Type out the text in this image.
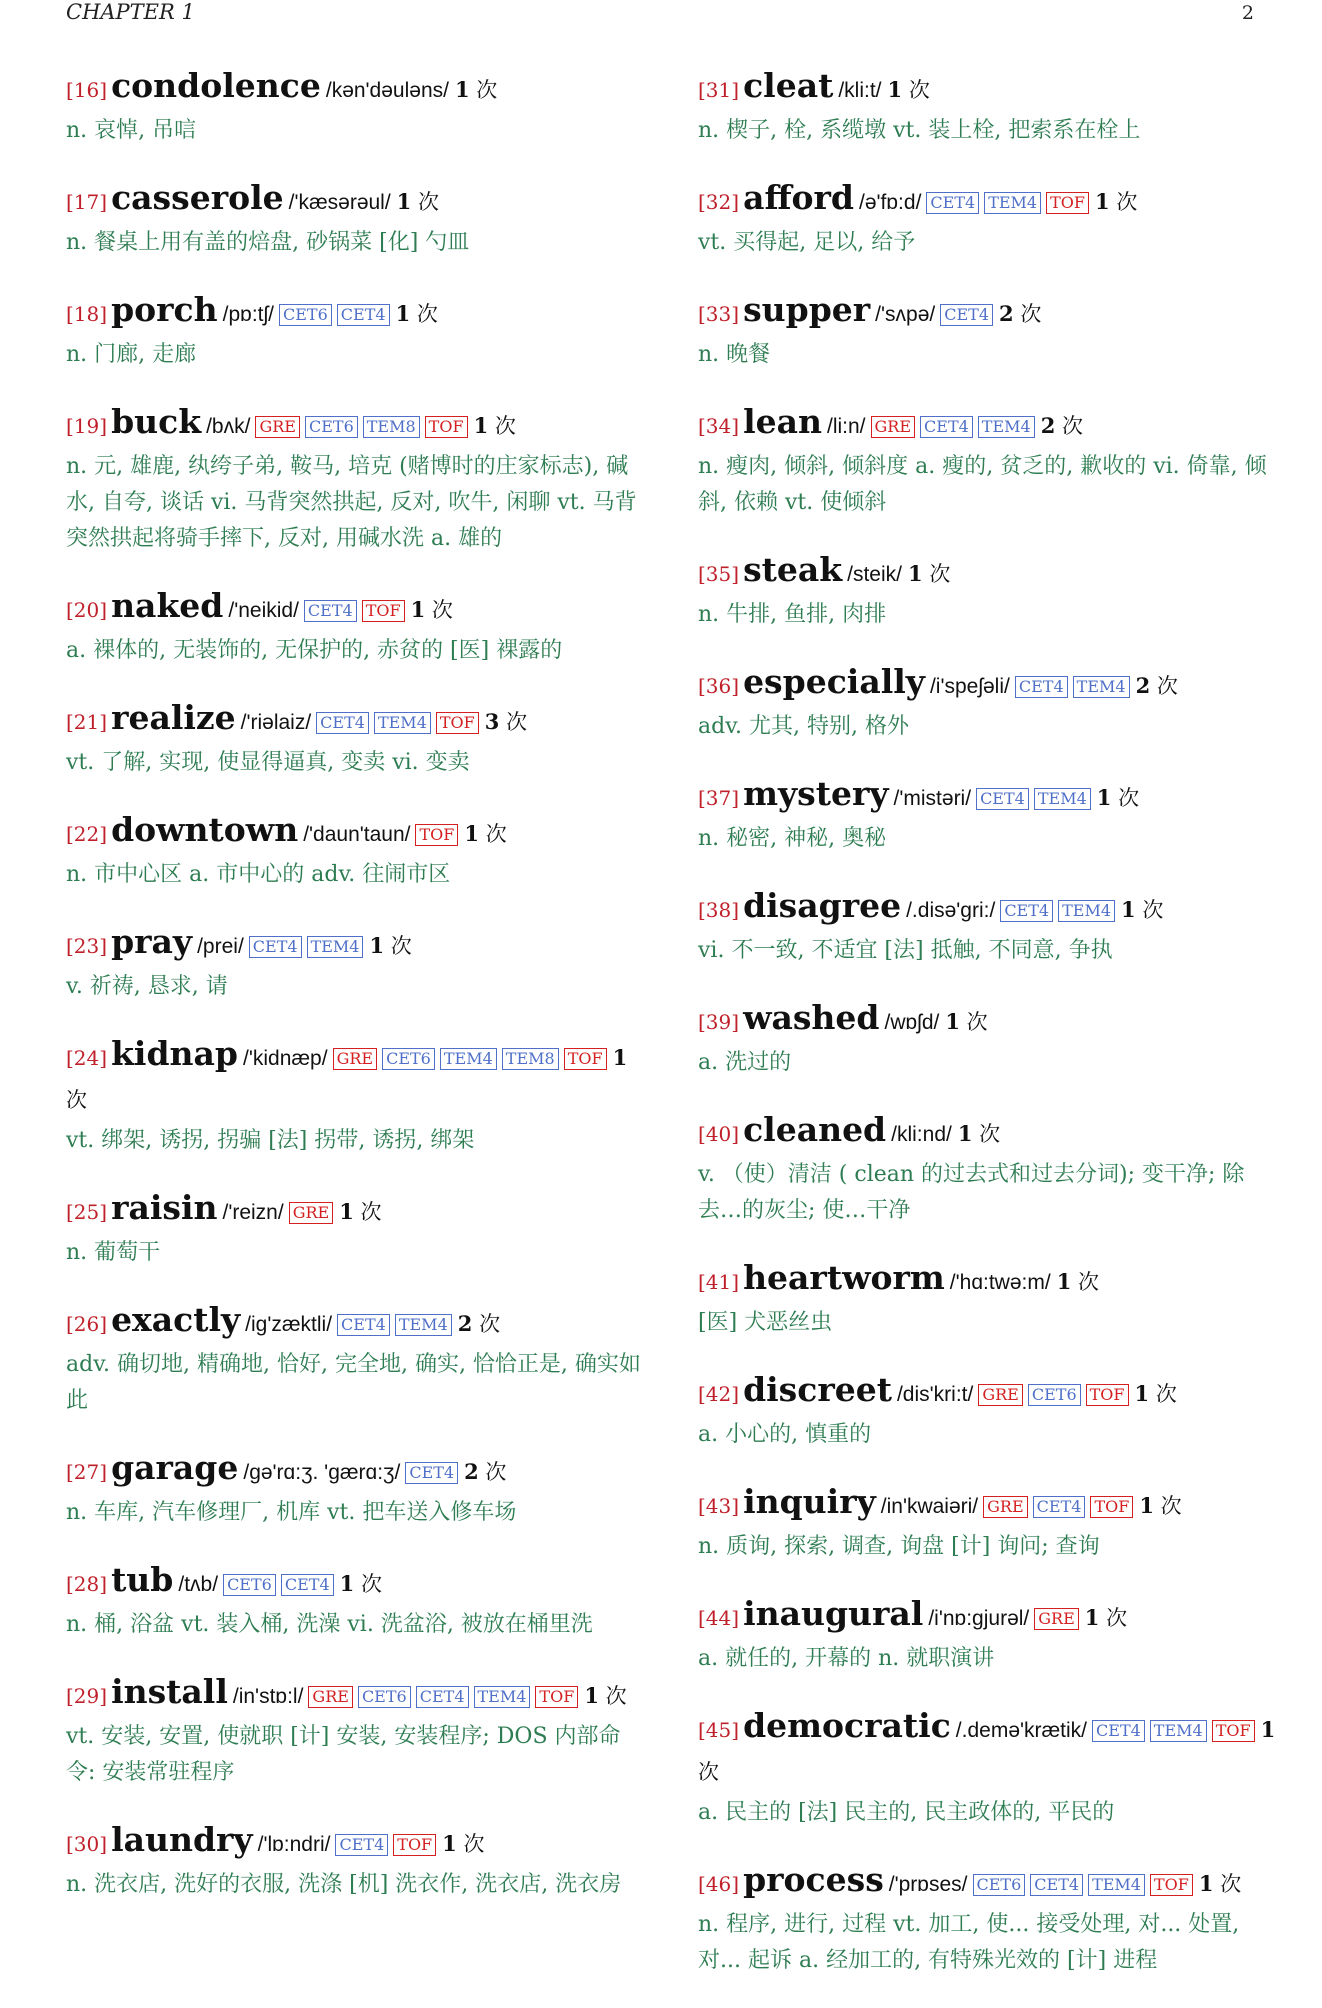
CHAPTER 1	2
[16] condolence /kən'dəuləns/ 1 次
n. 哀悼, 吊唁
[17] casserole /'kæsərəul/ 1 次
n. 餐桌上用有盖的焙盘, 砂锅菜 [化] 勺皿
[18] porch /pɒ:tʃ/ CET6 CET4 1 次
n. 门廊, 走廊
[19] buck /bʌk/ GRE CET6 TEM8 TOF 1 次
n. 元, 雄鹿, 纨绔子弟, 鞍马, 培克 (赌博时的庄家标志), 碱水, 自夸, 谈话 vi. 马背突然拱起, 反对, 吹牛, 闲聊 vt. 马背突然拱起将骑手摔下, 反对, 用碱水洗 a. 雄的
[20] naked /'neikid/ CET4 TOF 1 次
a. 裸体的, 无装饰的, 无保护的, 赤贫的 [医] 裸露的
[21] realize /'riəlaiz/ CET4 TEM4 TOF 3 次
vt. 了解, 实现, 使显得逼真, 变卖 vi. 变卖
[22] downtown /'daun'taun/ TOF 1 次
n. 市中心区 a. 市中心的 adv. 往闹市区
[23] pray /prei/ CET4 TEM4 1 次
v. 祈祷, 恳求, 请
[24] kidnap /'kidnæp/ GRE CET6 TEM4 TEM8 TOF 1 次
vt. 绑架, 诱拐, 拐骗 [法] 拐带, 诱拐, 绑架
[25] raisin /'reizn/ GRE 1 次
n. 葡萄干
[26] exactly /ig'zæktli/ CET4 TEM4 2 次
adv. 确切地, 精确地, 恰好, 完全地, 确实, 恰恰正是, 确实如此
[27] garage /gə'rɑ:ʒ. 'gærɑ:ʒ/ CET4 2 次
n. 车库, 汽车修理厂, 机库 vt. 把车送入修车场
[28] tub /tʌb/ CET6 CET4 1 次
n. 桶, 浴盆 vt. 装入桶, 洗澡 vi. 洗盆浴, 被放在桶里洗
[29] install /in'stɒ:l/ GRE CET6 CET4 TEM4 TOF 1 次
vt. 安装, 安置, 使就职 [计] 安装, 安装程序; DOS 内部命令: 安装常驻程序
[30] laundry /'lɒ:ndri/ CET4 TOF 1 次
n. 洗衣店, 洗好的衣服, 洗涤 [机] 洗衣作, 洗衣店, 洗衣房
[31] cleat /kli:t/ 1 次
n. 楔子, 栓, 系缆墩 vt. 装上栓, 把索系在栓上
[32] afford /ə'fɒ:d/ CET4 TEM4 TOF 1 次
vt. 买得起, 足以, 给予
[33] supper /'sʌpə/ CET4 2 次
n. 晚餐
[34] lean /li:n/ GRE CET4 TEM4 2 次
n. 瘦肉, 倾斜, 倾斜度 a. 瘦的, 贫乏的, 歉收的 vi. 倚靠, 倾斜, 依赖 vt. 使倾斜
[35] steak /steik/ 1 次
n. 牛排, 鱼排, 肉排
[36] especially /i'speʃəli/ CET4 TEM4 2 次
adv. 尤其, 特别, 格外
[37] mystery /'mistəri/ CET4 TEM4 1 次
n. 秘密, 神秘, 奥秘
[38] disagree /.disə'gri:/ CET4 TEM4 1 次
vi. 不一致, 不适宜 [法] 抵触, 不同意, 争执
[39] washed /wɒʃd/ 1 次
a. 洗过的
[40] cleaned /kli:nd/ 1 次
v. （使）清洁 ( clean 的过去式和过去分词); 变干净; 除去…的灰尘; 使…干净
[41] heartworm /'hɑ:twə:m/ 1 次
[医] 犬恶丝虫
[42] discreet /dis'kri:t/ GRE CET6 TOF 1 次
a. 小心的, 慎重的
[43] inquiry /in'kwaiəri/ GRE CET4 TOF 1 次
n. 质询, 探索, 调查, 询盘 [计] 询问; 查询
[44] inaugural /i'nɒ:gjurəl/ GRE 1 次
a. 就任的, 开幕的 n. 就职演讲
[45] democratic /.demə'krætik/ CET4 TEM4 TOF 1 次
a. 民主的 [法] 民主的, 民主政体的, 平民的
[46] process /'prɒses/ CET6 CET4 TEM4 TOF 1 次
n. 程序, 进行, 过程 vt. 加工, 使... 接受处理, 对... 处置, 对... 起诉 a. 经加工的, 有特殊光效的 [计] 进程
